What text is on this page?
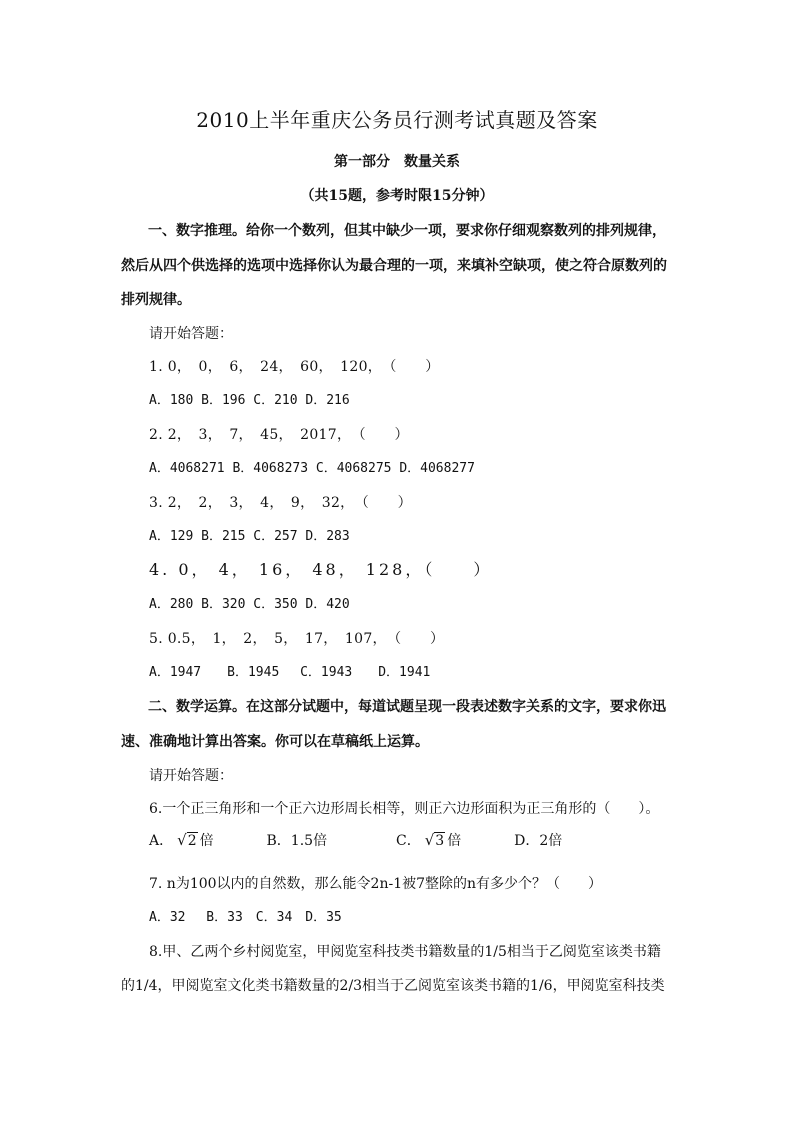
2010上半年重庆公务员行测考试真题及答案
第一部分　数量关系
（共15题，参考时限15分钟）
一、数字推理。给你一个数列，但其中缺少一项，要求你仔细观察数列的排列规律，
然后从四个供选择的选项中选择你认为最合理的一项，来填补空缺项，使之符合原数列的
排列规律。
请开始答题：
1. 0，　0，　6，　24，　60，　120，　（　　）
A．180 B．196 C．210 D．216
2. 2，　3，　7，　45，　2017，　（　　）
A．4068271 B．4068273 C．4068275 D．4068277
3. 2，　2，　3，　4，　9，　32，　（　　）
A．129 B．215 C．257 D．283
4. 0， 4， 16， 48， 128，（　　）
A．280 B．320 C．350 D．420
5. 0.5，　1，　2，　5，　17，　107，　（　　）
A．1947　　B．1945　 C．1943　　D．1941
二、数学运算。在这部分试题中，每道试题呈现一段表述数字关系的文字，要求你迅
速、准确地计算出答案。你可以在草稿纸上运算。
请开始答题：
6.一个正三角形和一个正六边形周长相等，则正六边形面积为正三角形的（　　）。
A． √2 倍	B．1.5倍	C． √3 倍	D．2倍
7. n为100以内的自然数，那么能令2n-1被7整除的n有多少个？（　　）
A．32　 B．33　C．34　D．35
8.甲、乙两个乡村阅览室，甲阅览室科技类书籍数量的1/5相当于乙阅览室该类书籍
的1/4，甲阅览室文化类书籍数量的2/3相当于乙阅览室该类书籍的1/6，甲阅览室科技类
